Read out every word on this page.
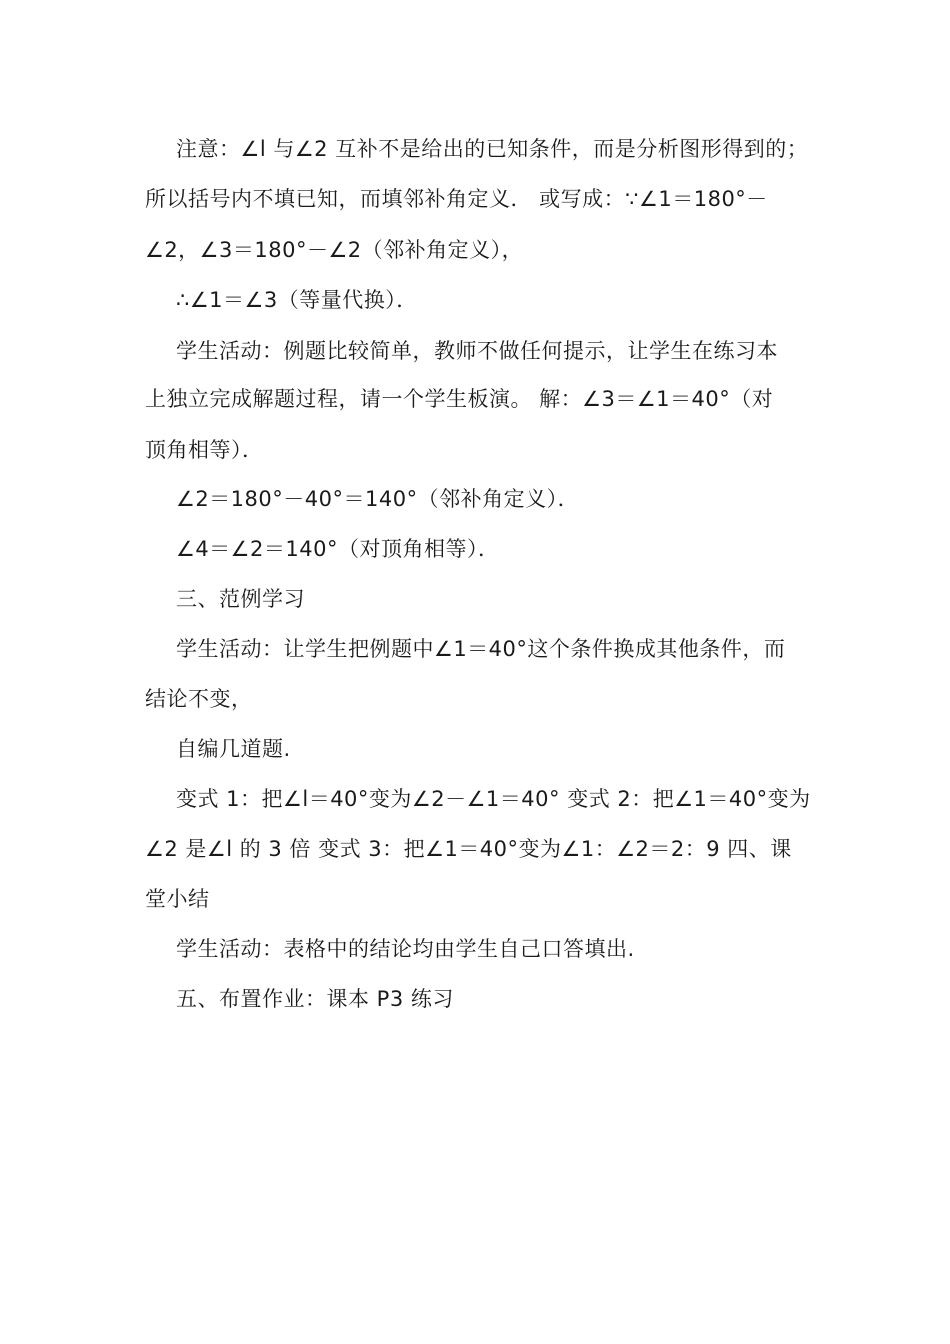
注意：∠l 与∠2 互补不是给出的已知条件，而是分析图形得到的；
所以括号内不填已知，而填邻补角定义． 或写成：∵∠1＝180°－
∠2，∠3＝180°－∠2（邻补角定义），
∴∠1＝∠3（等量代换）．
学生活动：例题比较简单，教师不做任何提示，让学生在练习本
上独立完成解题过程，请一个学生板演。 解：∠3＝∠1＝40°（对
顶角相等）．
∠2＝180°－40°＝140°（邻补角定义）．
∠4＝∠2＝140°（对顶角相等）．
三、范例学习
学生活动：让学生把例题中∠1＝40°这个条件换成其他条件，而
结论不变，
自编几道题.
变式 1：把∠l＝40°变为∠2－∠1＝40° 变式 2：把∠1＝40°变为
∠2 是∠l 的 3 倍 变式 3：把∠1＝40°变为∠1：∠2＝2：9 四、课
堂小结
学生活动：表格中的结论均由学生自己口答填出.
五、布置作业：课本 P3 练习
